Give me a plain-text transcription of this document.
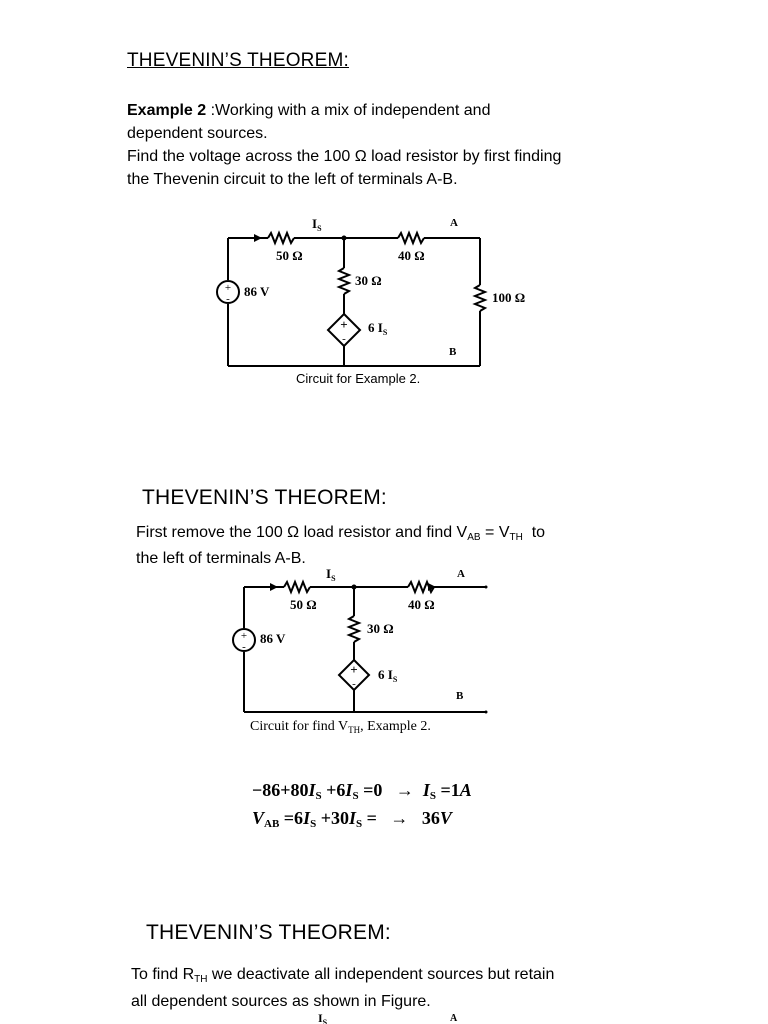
THEVENIN’S THEOREM:
Example 2 :Working with a mix of independent and dependent sources.
Find the voltage across the 100 Ω load resistor by first finding
the Thevenin circuit to the left of terminals A-B.
+
-
+
-
$I_S$	A
50 Ω	40 Ω
30 Ω
100 Ω
86 V
6 $I_S$
B
Circuit for Example 2.
THEVENIN’S THEOREM:
First remove the 100 Ω load resistor and find $V_{AB} = V_{TH}$  to
the left of terminals A-B.
+
-
+
-
$I_S$	A
50 Ω	40 Ω
30 Ω
86 V
6 $I_S$
B
Circuit for find $V_{TH}$, Example 2.
$-86+80I_S +6I_S =0 \to I_S =1A$
$V_{AB} =6I_S +30I_S$ =   →   36V
THEVENIN’S THEOREM:
To find $R_{TH}$ we deactivate all independent sources but retain
all dependent sources as shown in Figure.
$I_S$	A
